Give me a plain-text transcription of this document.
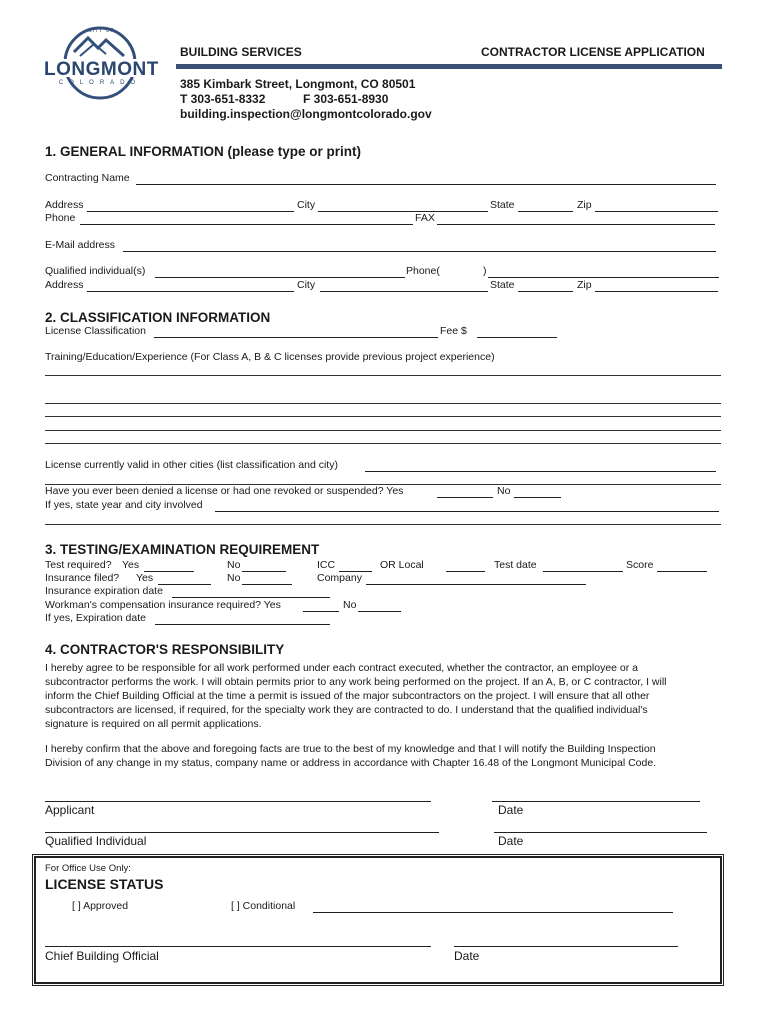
CITY OF
LONGMONT
COLORADO
BUILDING SERVICES	CONTRACTOR LICENSE APPLICATION
385 Kimbark Street, Longmont, CO 80501
T 303-651-8332	F 303-651-8930
building.inspection@longmontcolorado.gov
1. GENERAL INFORMATION (please type or print)
Contracting Name
Address	City	State	Zip
Phone	FAX
E-Mail address
Qualified individual(s)	Phone(	)
Address	City	State	Zip
2. CLASSIFICATION INFORMATION
License Classification	Fee $
Training/Education/Experience (For Class A, B & C licenses provide previous project experience)
License currently valid in other cities (list classification and city)
Have you ever been denied a license or had one revoked or suspended? Yes	No
If yes, state year and city involved
3. TESTING/EXAMINATION REQUIREMENT
Test required? Yes	No	ICC	OR Local	Test date	Score
Insurance filed? Yes	No	Company
Insurance expiration date
Workman's compensation insurance required? Yes	No
If yes, Expiration date
4. CONTRACTOR'S RESPONSIBILITY
I hereby agree to be responsible for all work performed under each contract executed, whether the contractor, an employee or a
subcontractor performs the work. I will obtain permits prior to any work being performed on the project. If an A, B, or C contractor, I will
inform the Chief Building Official at the time a permit is issued of the major subcontractors on the project. I will ensure that all other
subcontractors are licensed, if required, for the specialty work they are contracted to do. I understand that the qualified individual's
signature is required on all permit applications.
I hereby confirm that the above and foregoing facts are true to the best of my knowledge and that I will notify the Building Inspection
Division of any change in my status, company name or address in accordance with Chapter 16.48 of the Longmont Municipal Code.
Applicant	Date
Qualified Individual	Date
For Office Use Only:
LICENSE STATUS
[ ] Approved	[ ] Conditional
Chief Building Official	Date
